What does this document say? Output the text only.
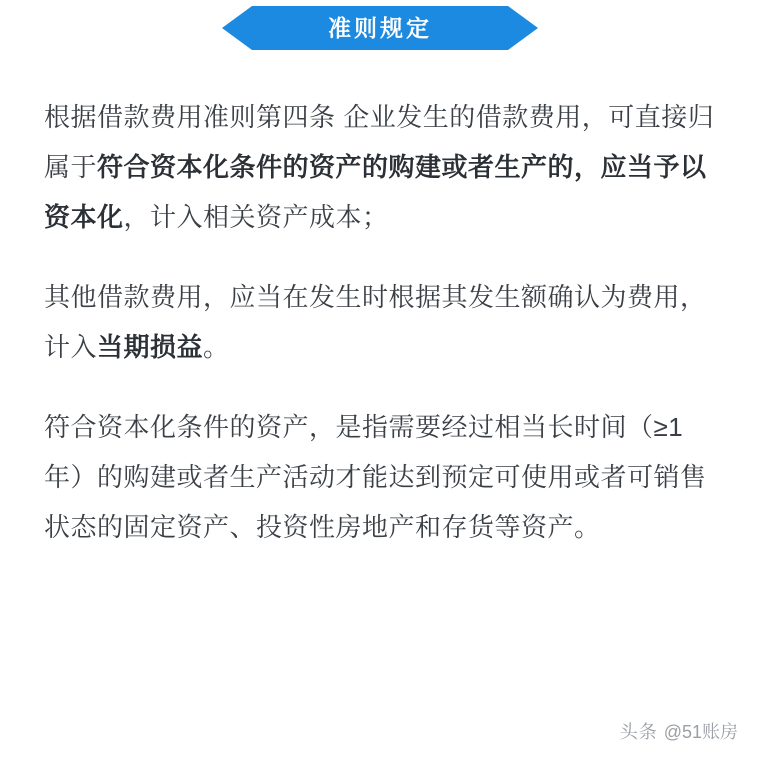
准则规定

根据借款费用准则第四条 企业发生的借款费用，可直接归属于符合资本化条件的资产的购建或者生产的，应当予以资本化，计入相关资产成本；

其他借款费用，应当在发生时根据其发生额确认为费用，计入当期损益。

符合资本化条件的资产，是指需要经过相当长时间（≥1年）的购建或者生产活动才能达到预定可使用或者可销售状态的固定资产、投资性房地产和存货等资产。

头条 @51账房
